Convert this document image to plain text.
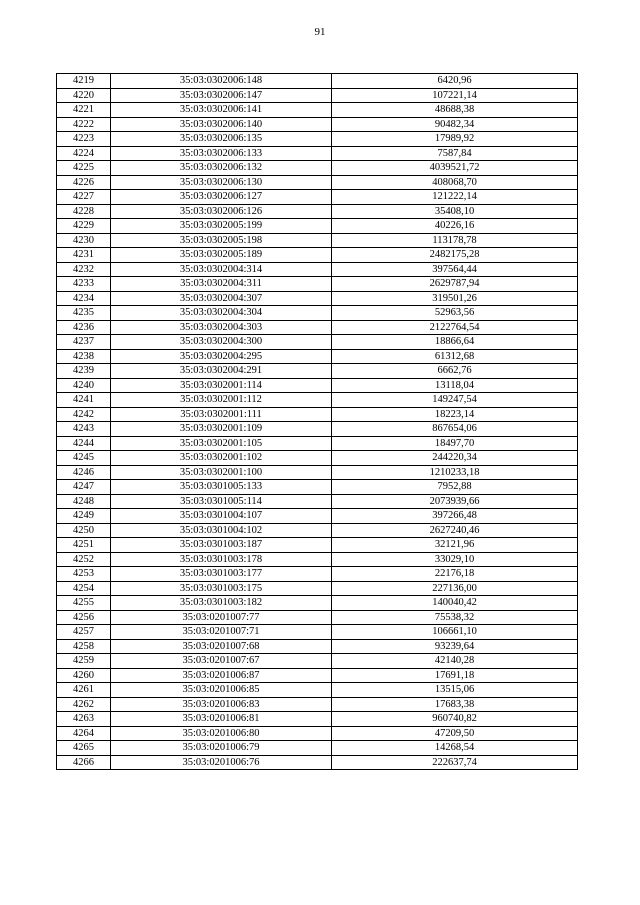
91
4219	35:03:0302006:148	6420,96
4220	35:03:0302006:147	107221,14
4221	35:03:0302006:141	48688,38
4222	35:03:0302006:140	90482,34
4223	35:03:0302006:135	17989,92
4224	35:03:0302006:133	7587,84
4225	35:03:0302006:132	4039521,72
4226	35:03:0302006:130	408068,70
4227	35:03:0302006:127	121222,14
4228	35:03:0302006:126	35408,10
4229	35:03:0302005:199	40226,16
4230	35:03:0302005:198	113178,78
4231	35:03:0302005:189	2482175,28
4232	35:03:0302004:314	397564,44
4233	35:03:0302004:311	2629787,94
4234	35:03:0302004:307	319501,26
4235	35:03:0302004:304	52963,56
4236	35:03:0302004:303	2122764,54
4237	35:03:0302004:300	18866,64
4238	35:03:0302004:295	61312,68
4239	35:03:0302004:291	6662,76
4240	35:03:0302001:114	13118,04
4241	35:03:0302001:112	149247,54
4242	35:03:0302001:111	18223,14
4243	35:03:0302001:109	867654,06
4244	35:03:0302001:105	18497,70
4245	35:03:0302001:102	244220,34
4246	35:03:0302001:100	1210233,18
4247	35:03:0301005:133	7952,88
4248	35:03:0301005:114	2073939,66
4249	35:03:0301004:107	397266,48
4250	35:03:0301004:102	2627240,46
4251	35:03:0301003:187	32121,96
4252	35:03:0301003:178	33029,10
4253	35:03:0301003:177	22176,18
4254	35:03:0301003:175	227136,00
4255	35:03:0301003:182	140040,42
4256	35:03:0201007:77	75538,32
4257	35:03:0201007:71	106661,10
4258	35:03:0201007:68	93239,64
4259	35:03:0201007:67	42140,28
4260	35:03:0201006:87	17691,18
4261	35:03:0201006:85	13515,06
4262	35:03:0201006:83	17683,38
4263	35:03:0201006:81	960740,82
4264	35:03:0201006:80	47209,50
4265	35:03:0201006:79	14268,54
4266	35:03:0201006:76	222637,74
